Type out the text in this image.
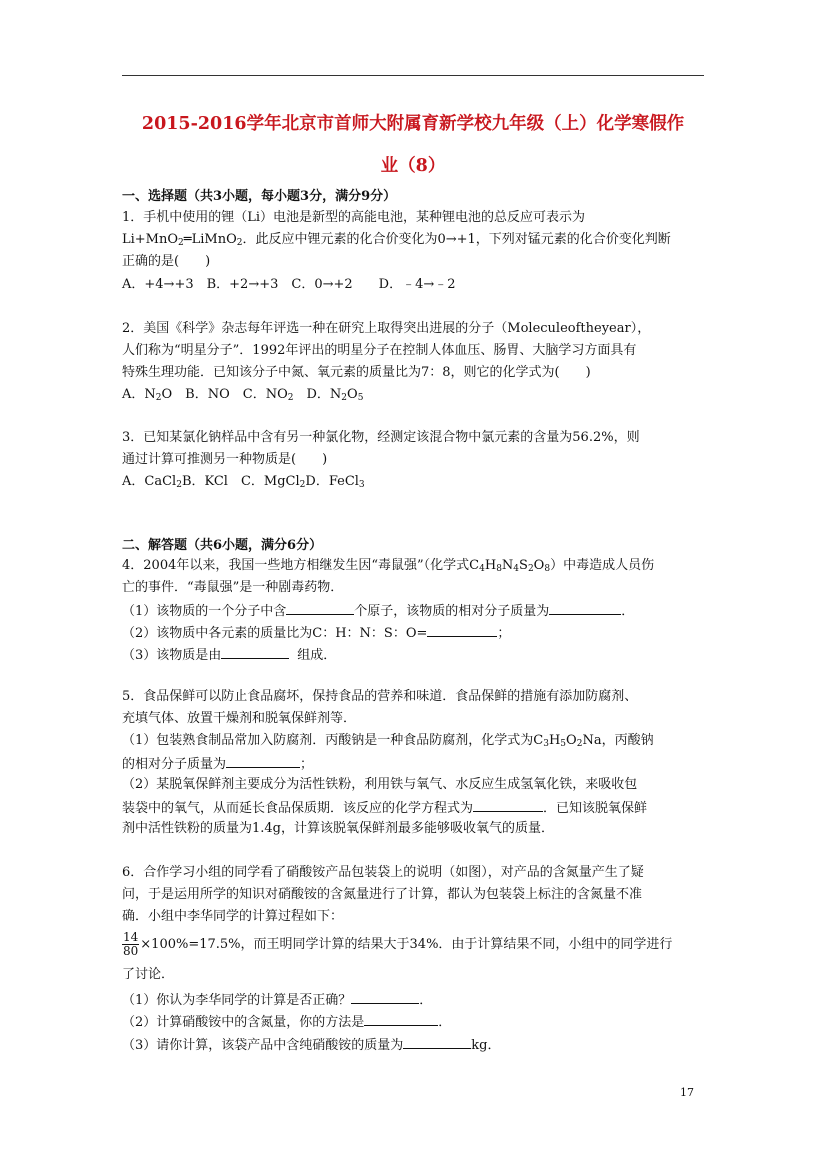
2015-2016学年北京市首师大附属育新学校九年级（上）化学寒假作
业（8）
一、选择题（共3小题，每小题3分，满分9分）
1．手机中使用的锂（Li）电池是新型的高能电池，某种锂电池的总反应可表示为
Li+MnO$_2$═LiMnO$_2$．此反应中锂元素的化合价变化为0→+1，下列对锰元素的化合价变化判断
正确的是(　　)
A．+4→+3　B．+2→+3　C．0→+2　　D．﹣4→﹣2
2．美国《科学》杂志每年评选一种在研究上取得突出进展的分子（Moleculeoftheyear），
人们称为“明星分子”．1992年评出的明星分子在控制人体血压、肠胃、大脑学习方面具有
特殊生理功能．已知该分子中氮、氧元素的质量比为7：8，则它的化学式为(　　)
A．$N_2O$　B．NO　C．$NO_2$　D．$N_2O_5$
3．已知某氯化钠样品中含有另一种氯化物，经测定该混合物中氯元素的含量为56.2%，则
通过计算可推测另一种物质是(　　)
A．CaCl$_2$B．KCl　C．MgCl$_2$D．FeCl$_3$
二、解答题（共6小题，满分6分）
4．2004年以来，我国一些地方相继发生因“毒鼠强”（化学式$C_4H_8N_4S_2O_8$）中毒造成人员伤
亡的事件．“毒鼠强”是一种剧毒药物．
（1）该物质的一个分子中含	个原子，该物质的相对分子质量为	．
（2）该物质中各元素的质量比为C：H：N：S：O=	；
（3）该物质是由	组成．
5．食品保鲜可以防止食品腐坏，保持食品的营养和味道．食品保鲜的措施有添加防腐剂、
充填气体、放置干燥剂和脱氧保鲜剂等．
（1）包装熟食制品常加入防腐剂．丙酸钠是一种食品防腐剂，化学式为$C_3H_5O_2Na$，丙酸钠
的相对分子质量为	；
（2）某脱氧保鲜剂主要成分为活性铁粉，利用铁与氧气、水反应生成氢氧化铁，来吸收包
装袋中的氧气，从而延长食品保质期．该反应的化学方程式为	．已知该脱氧保鲜
剂中活性铁粉的质量为1.4g，计算该脱氧保鲜剂最多能够吸收氧气的质量．
6．合作学习小组的同学看了硝酸铵产品包装袋上的说明（如图），对产品的含氮量产生了疑
问，于是运用所学的知识对硝酸铵的含氮量进行了计算，都认为包装袋上标注的含氮量不准
确．小组中李华同学的计算过程如下：
$\frac{14}{80} \times 100\%=17.5\%$，而王明同学计算的结果大于34%．由于计算结果不同，小组中的同学进行
了讨论．
（1）你认为李华同学的计算是否正确？	．
（2）计算硝酸铵中的含氮量，你的方法是	．
（3）请你计算，该袋产品中含纯硝酸铵的质量为	kg．
17
